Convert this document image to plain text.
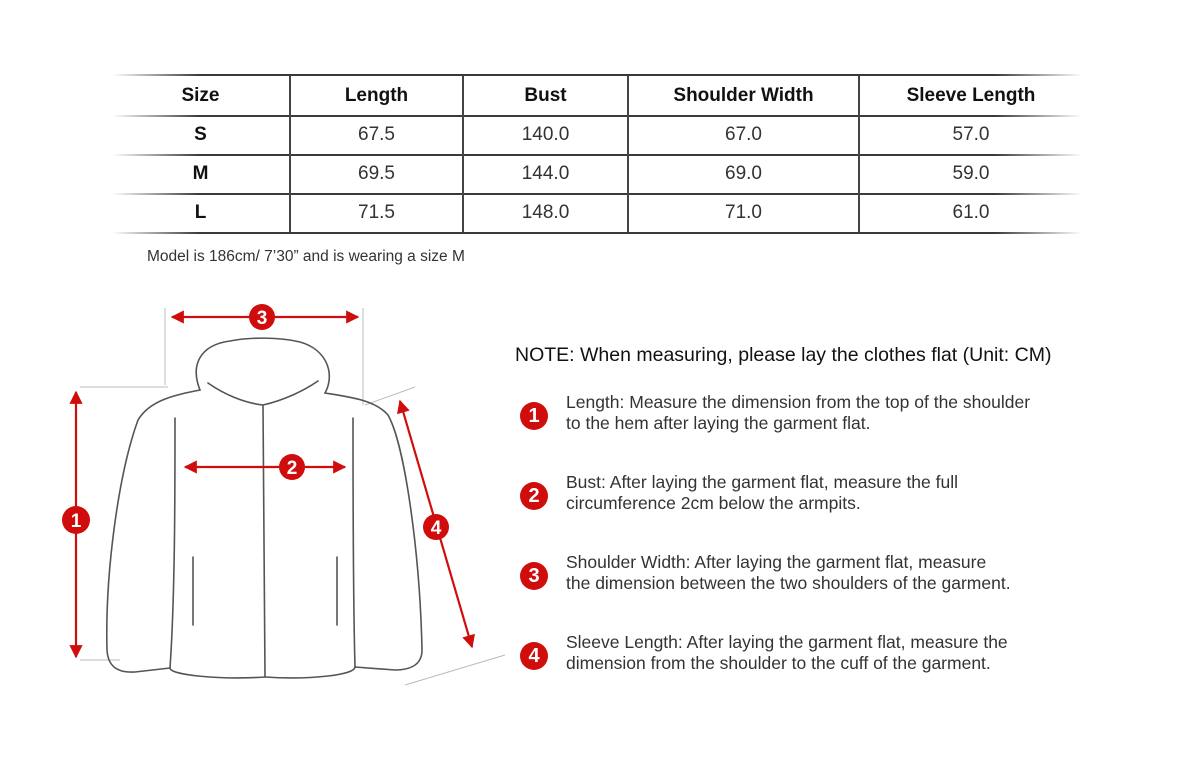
Size	Length	Bust	Shoulder Width	Sleeve Length
S	67.5	140.0	67.0	57.0
M	69.5	144.0	69.0	59.0
L	71.5	148.0	71.0	61.0
Model is 186cm/ 7’30” and is wearing a size M
3
2
1	4
NOTE: When measuring, please lay the clothes flat (Unit: CM)
1
Length: Measure the dimension from the top of the shoulder
to the hem after laying the garment flat.
2
Bust: After laying the garment flat, measure the full
circumference 2cm below the armpits.
3
Shoulder Width: After laying the garment flat, measure
the dimension between the two shoulders of the garment.
4
Sleeve Length: After laying the garment flat, measure the
dimension from the shoulder to the cuff of the garment.
